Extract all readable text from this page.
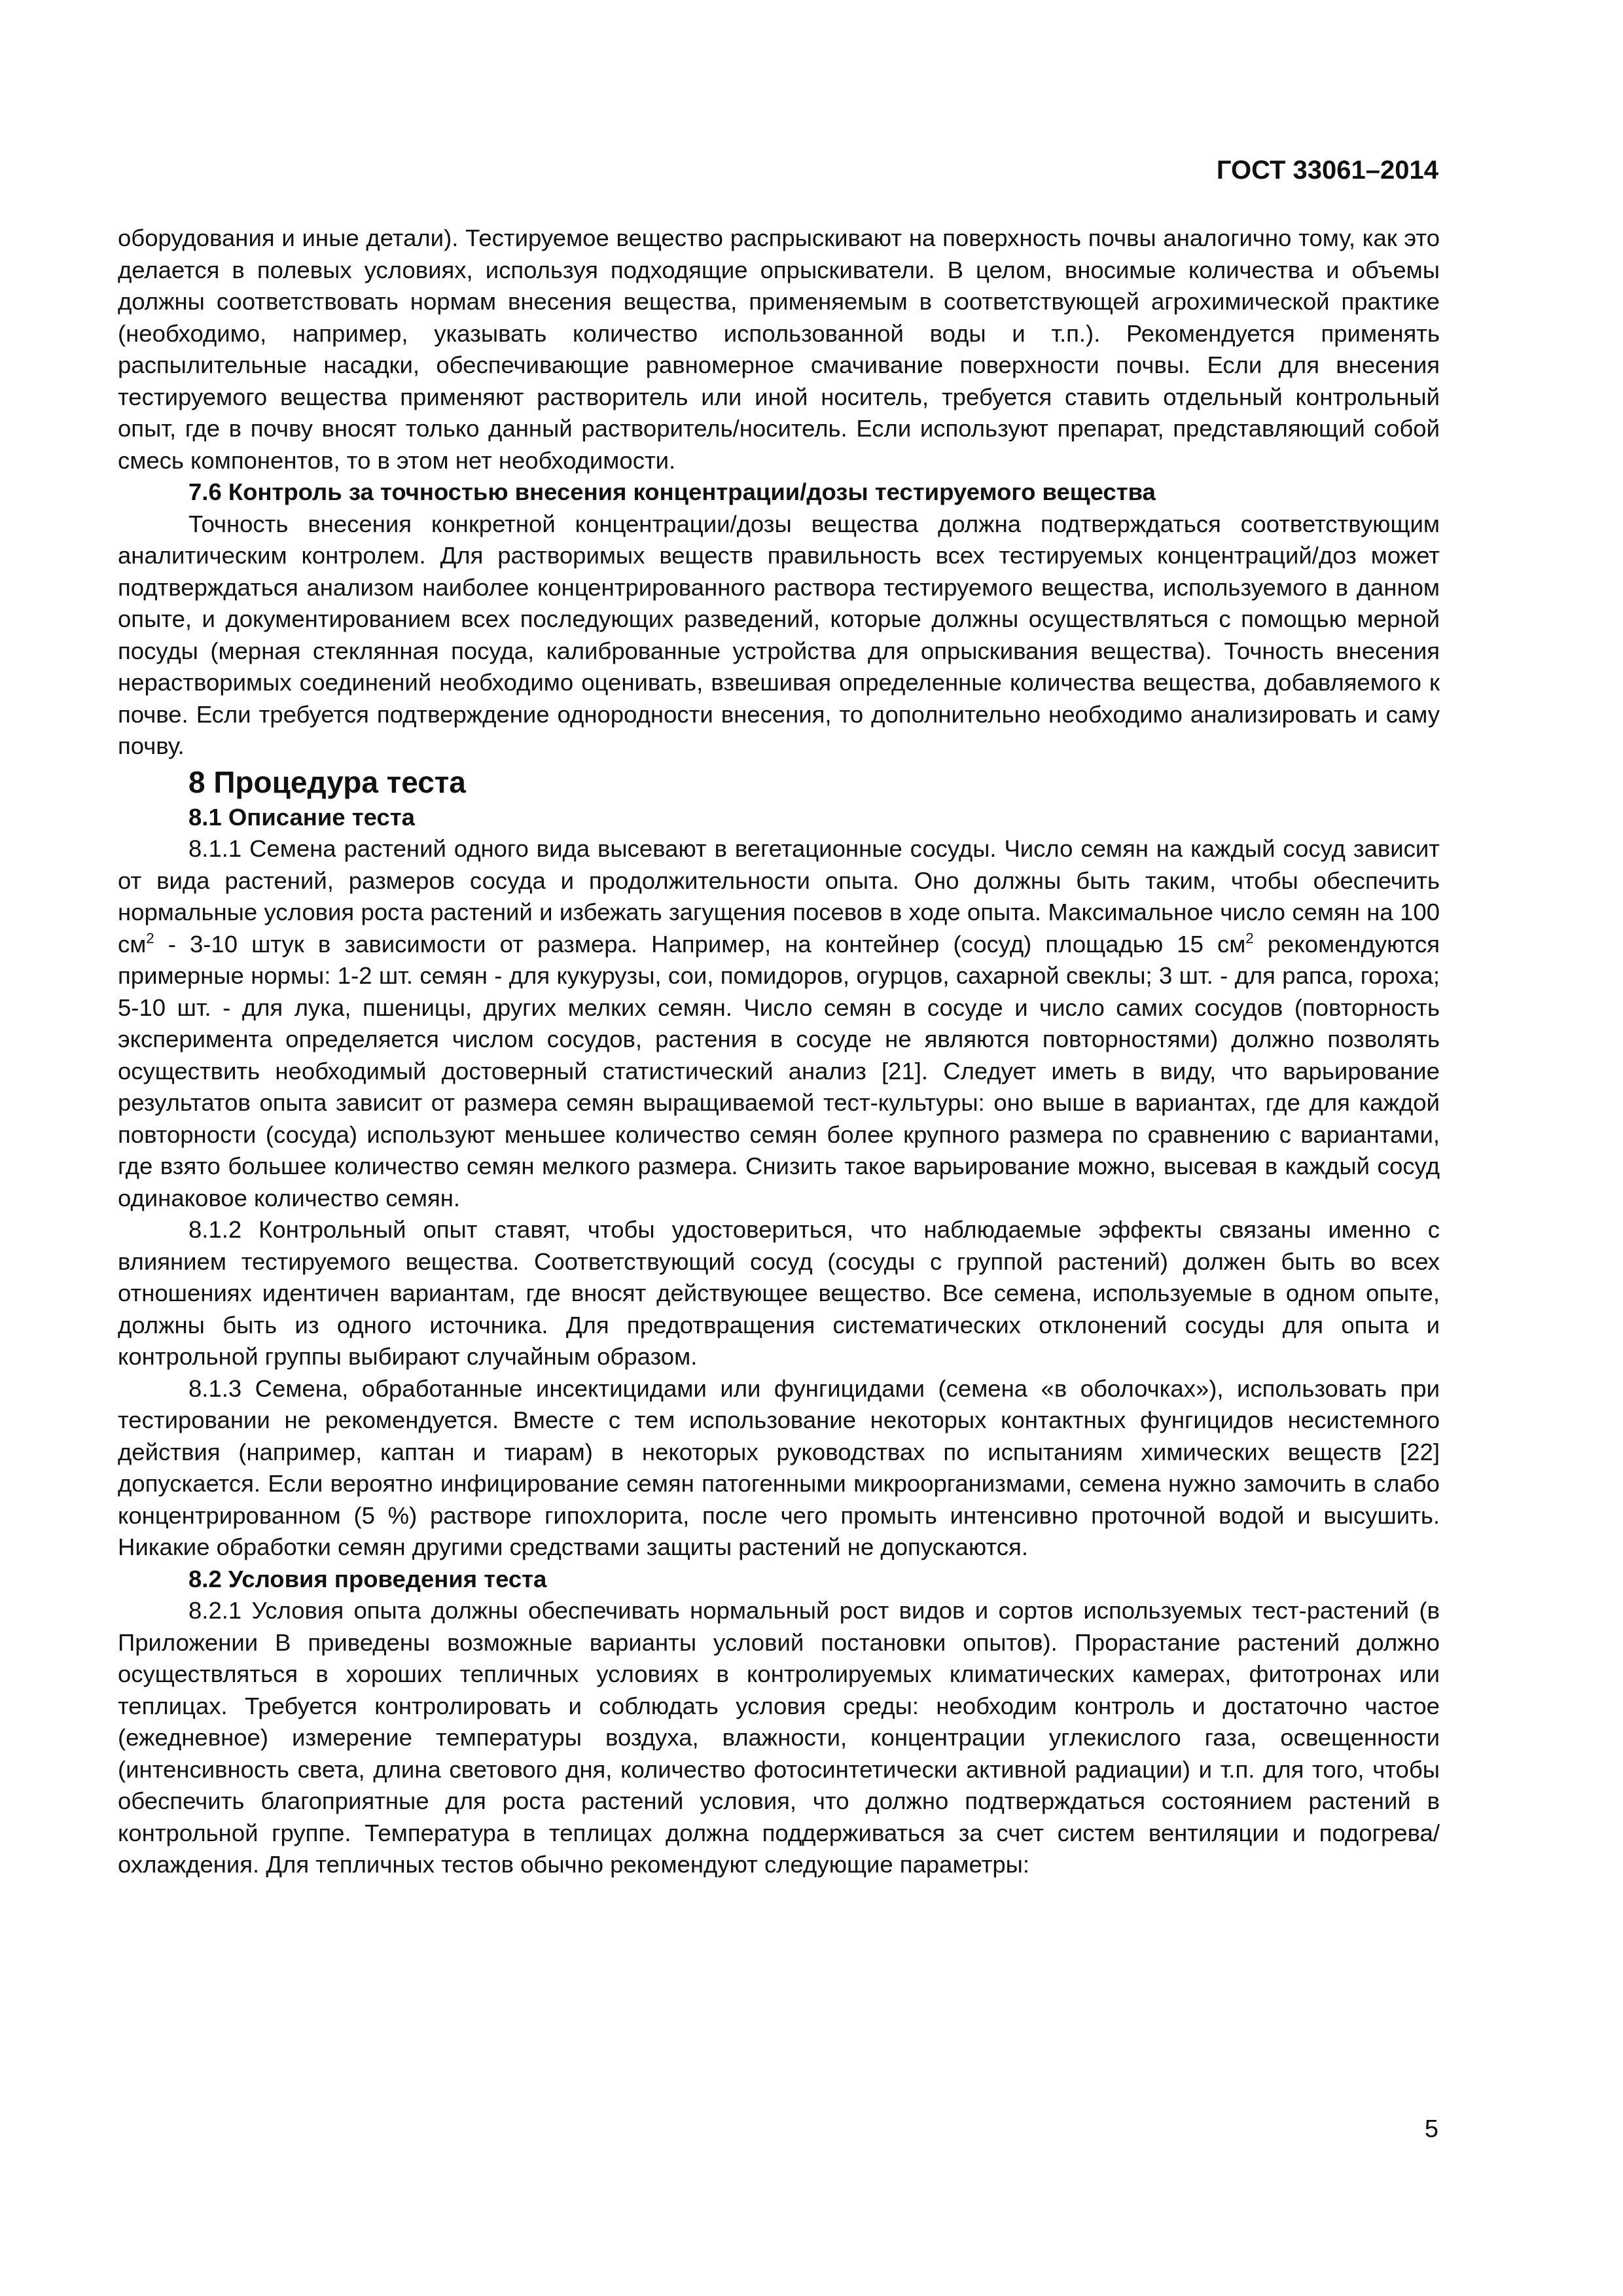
ГОСТ 33061–2014

оборудования и иные детали). Тестируемое вещество распрыскивают на поверхность почвы аналогично тому, как это делается в полевых условиях, используя подходящие опрыскиватели. В целом, вносимые количества и объемы должны соответствовать нормам внесения вещества, применяемым в соответствующей агрохимической практике (необходимо, например, указывать количество использованной воды и т.п.). Рекомендуется применять распылительные насадки, обеспечивающие равномерное смачивание поверхности почвы. Если для внесения тестируемого вещества применяют растворитель или иной носитель, требуется ставить отдельный контрольный опыт, где в почву вносят только данный растворитель/носитель. Если используют препарат, представляющий собой смесь компонентов, то в этом нет необходимости.

7.6 Контроль за точностью внесения концентрации/дозы тестируемого вещества

Точность внесения конкретной концентрации/дозы вещества должна подтверждаться соответствующим аналитическим контролем. Для растворимых веществ правильность всех тестируемых концентраций/доз может подтверждаться анализом наиболее концентрированного раствора тестируемого вещества, используемого в данном опыте, и документированием всех последующих разведений, которые должны осуществляться с помощью мерной посуды (мерная стеклянная посуда, калиброванные устройства для опрыскивания вещества). Точность внесения нерастворимых соединений необходимо оценивать, взвешивая определенные количества вещества, добавляемого к почве. Если требуется подтверждение однородности внесения, то дополнительно необходимо анализировать и саму почву.

8 Процедура теста

8.1 Описание теста

8.1.1 Семена растений одного вида высевают в вегетационные сосуды. Число семян на каждый сосуд зависит от вида растений, размеров сосуда и продолжительности опыта. Оно должны быть таким, чтобы обеспечить нормальные условия роста растений и избежать загущения посевов в ходе опыта. Максимальное число семян на 100 $см^2 - 3-10$ штук в зависимости от размера. Например, на контейнер (сосуд) площадью 15 $см^2$ рекомендуются примерные нормы: 1-2 шт. семян - для кукурузы, сои, помидоров, огурцов, сахарной свеклы; 3 шт. - для рапса, гороха; 5-10 шт. - для лука, пшеницы, других мелких семян. Число семян в сосуде и число самих сосудов (повторность эксперимента определяется числом сосудов, растения в сосуде не являются повторностями) должно позволять осуществить необходимый достоверный статистический анализ [21]. Следует иметь в виду, что варьирование результатов опыта зависит от размера семян выращиваемой тест-культуры: оно выше в вариантах, где для каждой повторности (сосуда) используют меньшее количество семян более крупного размера по сравнению с вариантами, где взято большее количество семян мелкого размера. Снизить такое варьирование можно, высевая в каждый сосуд одинаковое количество семян.

8.1.2 Контрольный опыт ставят, чтобы удостовериться, что наблюдаемые эффекты связаны именно с влиянием тестируемого вещества. Соответствующий сосуд (сосуды с группой растений) должен быть во всех отношениях идентичен вариантам, где вносят действующее вещество. Все семена, используемые в одном опыте, должны быть из одного источника. Для предотвращения систематических отклонений сосуды для опыта и контрольной группы выбирают случайным образом.

8.1.3 Семена, обработанные инсектицидами или фунгицидами (семена «в оболочках»), использовать при тестировании не рекомендуется. Вместе с тем использование некоторых контактных фунгицидов несистемного действия (например, каптан и тиарам) в некоторых руководствах по испытаниям химических веществ [22] допускается. Если вероятно инфицирование семян патогенными микроорганизмами, семена нужно замочить в слабо концентрированном (5 %) растворе гипохлорита, после чего промыть интенсивно проточной водой и высушить. Никакие обработки семян другими средствами защиты растений не допускаются.

8.2 Условия проведения теста

8.2.1 Условия опыта должны обеспечивать нормальный рост видов и сортов используемых тест-растений (в Приложении В приведены возможные варианты условий постановки опытов). Прорастание растений должно осуществляться в хороших тепличных условиях в контролируемых климатических камерах, фитотронах или теплицах. Требуется контролировать и соблюдать условия среды: необходим контроль и достаточно частое (ежедневное) измерение температуры воздуха, влажности, концентрации углекислого газа, освещенности (интенсивность света, длина светового дня, количество фотосинтетически активной радиации) и т.п. для того, чтобы обеспечить благоприятные для роста растений условия, что должно подтверждаться состоянием растений в контрольной группе. Температура в теплицах должна поддерживаться за счет систем вентиляции и подогрева/охлаждения. Для тепличных тестов обычно рекомендуют следующие параметры:

5
